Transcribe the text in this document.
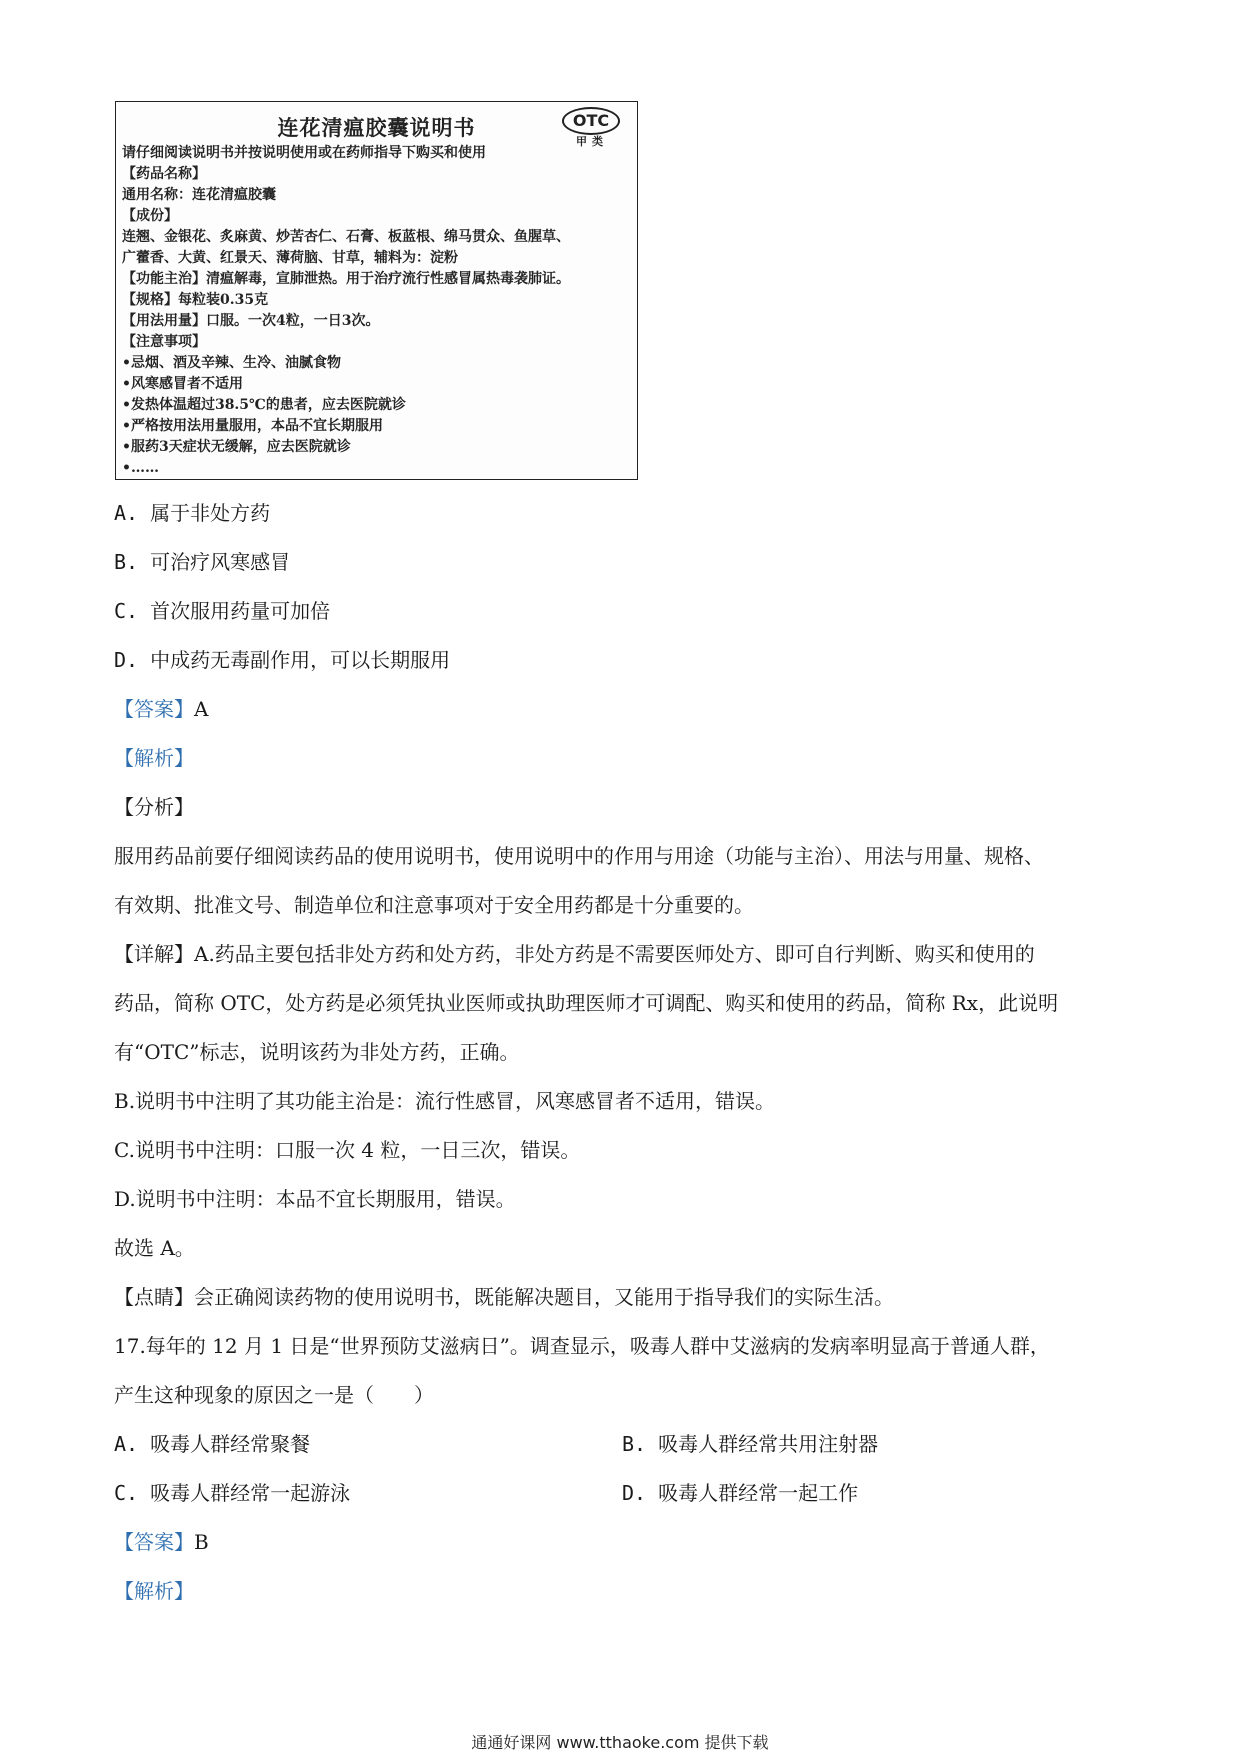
连花清瘟胶囊说明书	OTC
甲类
请仔细阅读说明书并按说明使用或在药师指导下购买和使用
【药品名称】
通用名称：连花清瘟胶囊
【成份】
连翘、金银花、炙麻黄、炒苦杏仁、石膏、板蓝根、绵马贯众、鱼腥草、
广藿香、大黄、红景天、薄荷脑、甘草，辅料为：淀粉
【功能主治】清瘟解毒，宣肺泄热。用于治疗流行性感冒属热毒袭肺证。
【规格】每粒装0.35克
【用法用量】口服。一次4粒，一日3次。
【注意事项】
•忌烟、酒及辛辣、生冷、油腻食物
•风寒感冒者不适用
•发热体温超过38.5℃的患者，应去医院就诊
•严格按用法用量服用，本品不宜长期服用
•服药3天症状无缓解，应去医院就诊
•……
A. 属于非处方药
B. 可治疗风寒感冒
C. 首次服用药量可加倍
D. 中成药无毒副作用，可以长期服用
【答案】A
【解析】
【分析】
服用药品前要仔细阅读药品的使用说明书，使用说明中的作用与用途（功能与主治）、用法与用量、规格、
有效期、批准文号、制造单位和注意事项对于安全用药都是十分重要的。
【详解】A.药品主要包括非处方药和处方药，非处方药是不需要医师处方、即可自行判断、购买和使用的
药品，简称 OTC，处方药是必须凭执业医师或执助理医师才可调配、购买和使用的药品，简称 Rx，此说明
有“OTC”标志，说明该药为非处方药，正确。
B.说明书中注明了其功能主治是：流行性感冒，风寒感冒者不适用，错误。
C.说明书中注明：口服一次 4 粒，一日三次，错误。
D.说明书中注明：本品不宜长期服用，错误。
故选 A。
【点睛】会正确阅读药物的使用说明书，既能解决题目，又能用于指导我们的实际生活。
17.每年的 12 月 1 日是“世界预防艾滋病日”。调查显示，吸毒人群中艾滋病的发病率明显高于普通人群，
产生这种现象的原因之一是（　　）
A. 吸毒人群经常聚餐	B. 吸毒人群经常共用注射器
C. 吸毒人群经常一起游泳	D. 吸毒人群经常一起工作
【答案】B
【解析】
通通好课网 www.tthaoke.com 提供下载
